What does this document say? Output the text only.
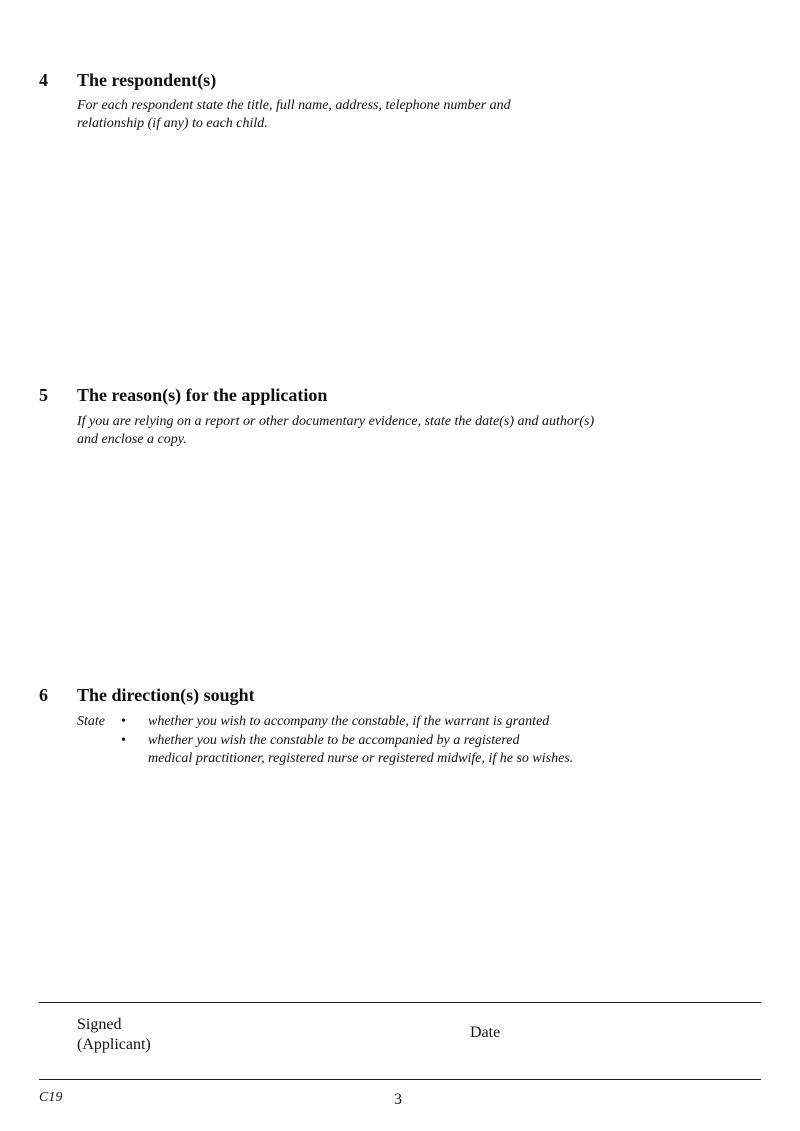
4 The respondent(s)
For each respondent state the title, full name, address, telephone number and
relationship (if any) to each child.
5 The reason(s) for the application
If you are relying on a report or other documentary evidence, state the date(s) and author(s)
and enclose a copy.
6 The direction(s) sought
State • whether you wish to accompany the constable, if the warrant is granted
• whether you wish the constable to be accompanied by a registered
medical practitioner, registered nurse or registered midwife, if he so wishes.
Signed
(Applicant)
Date
C19	3
